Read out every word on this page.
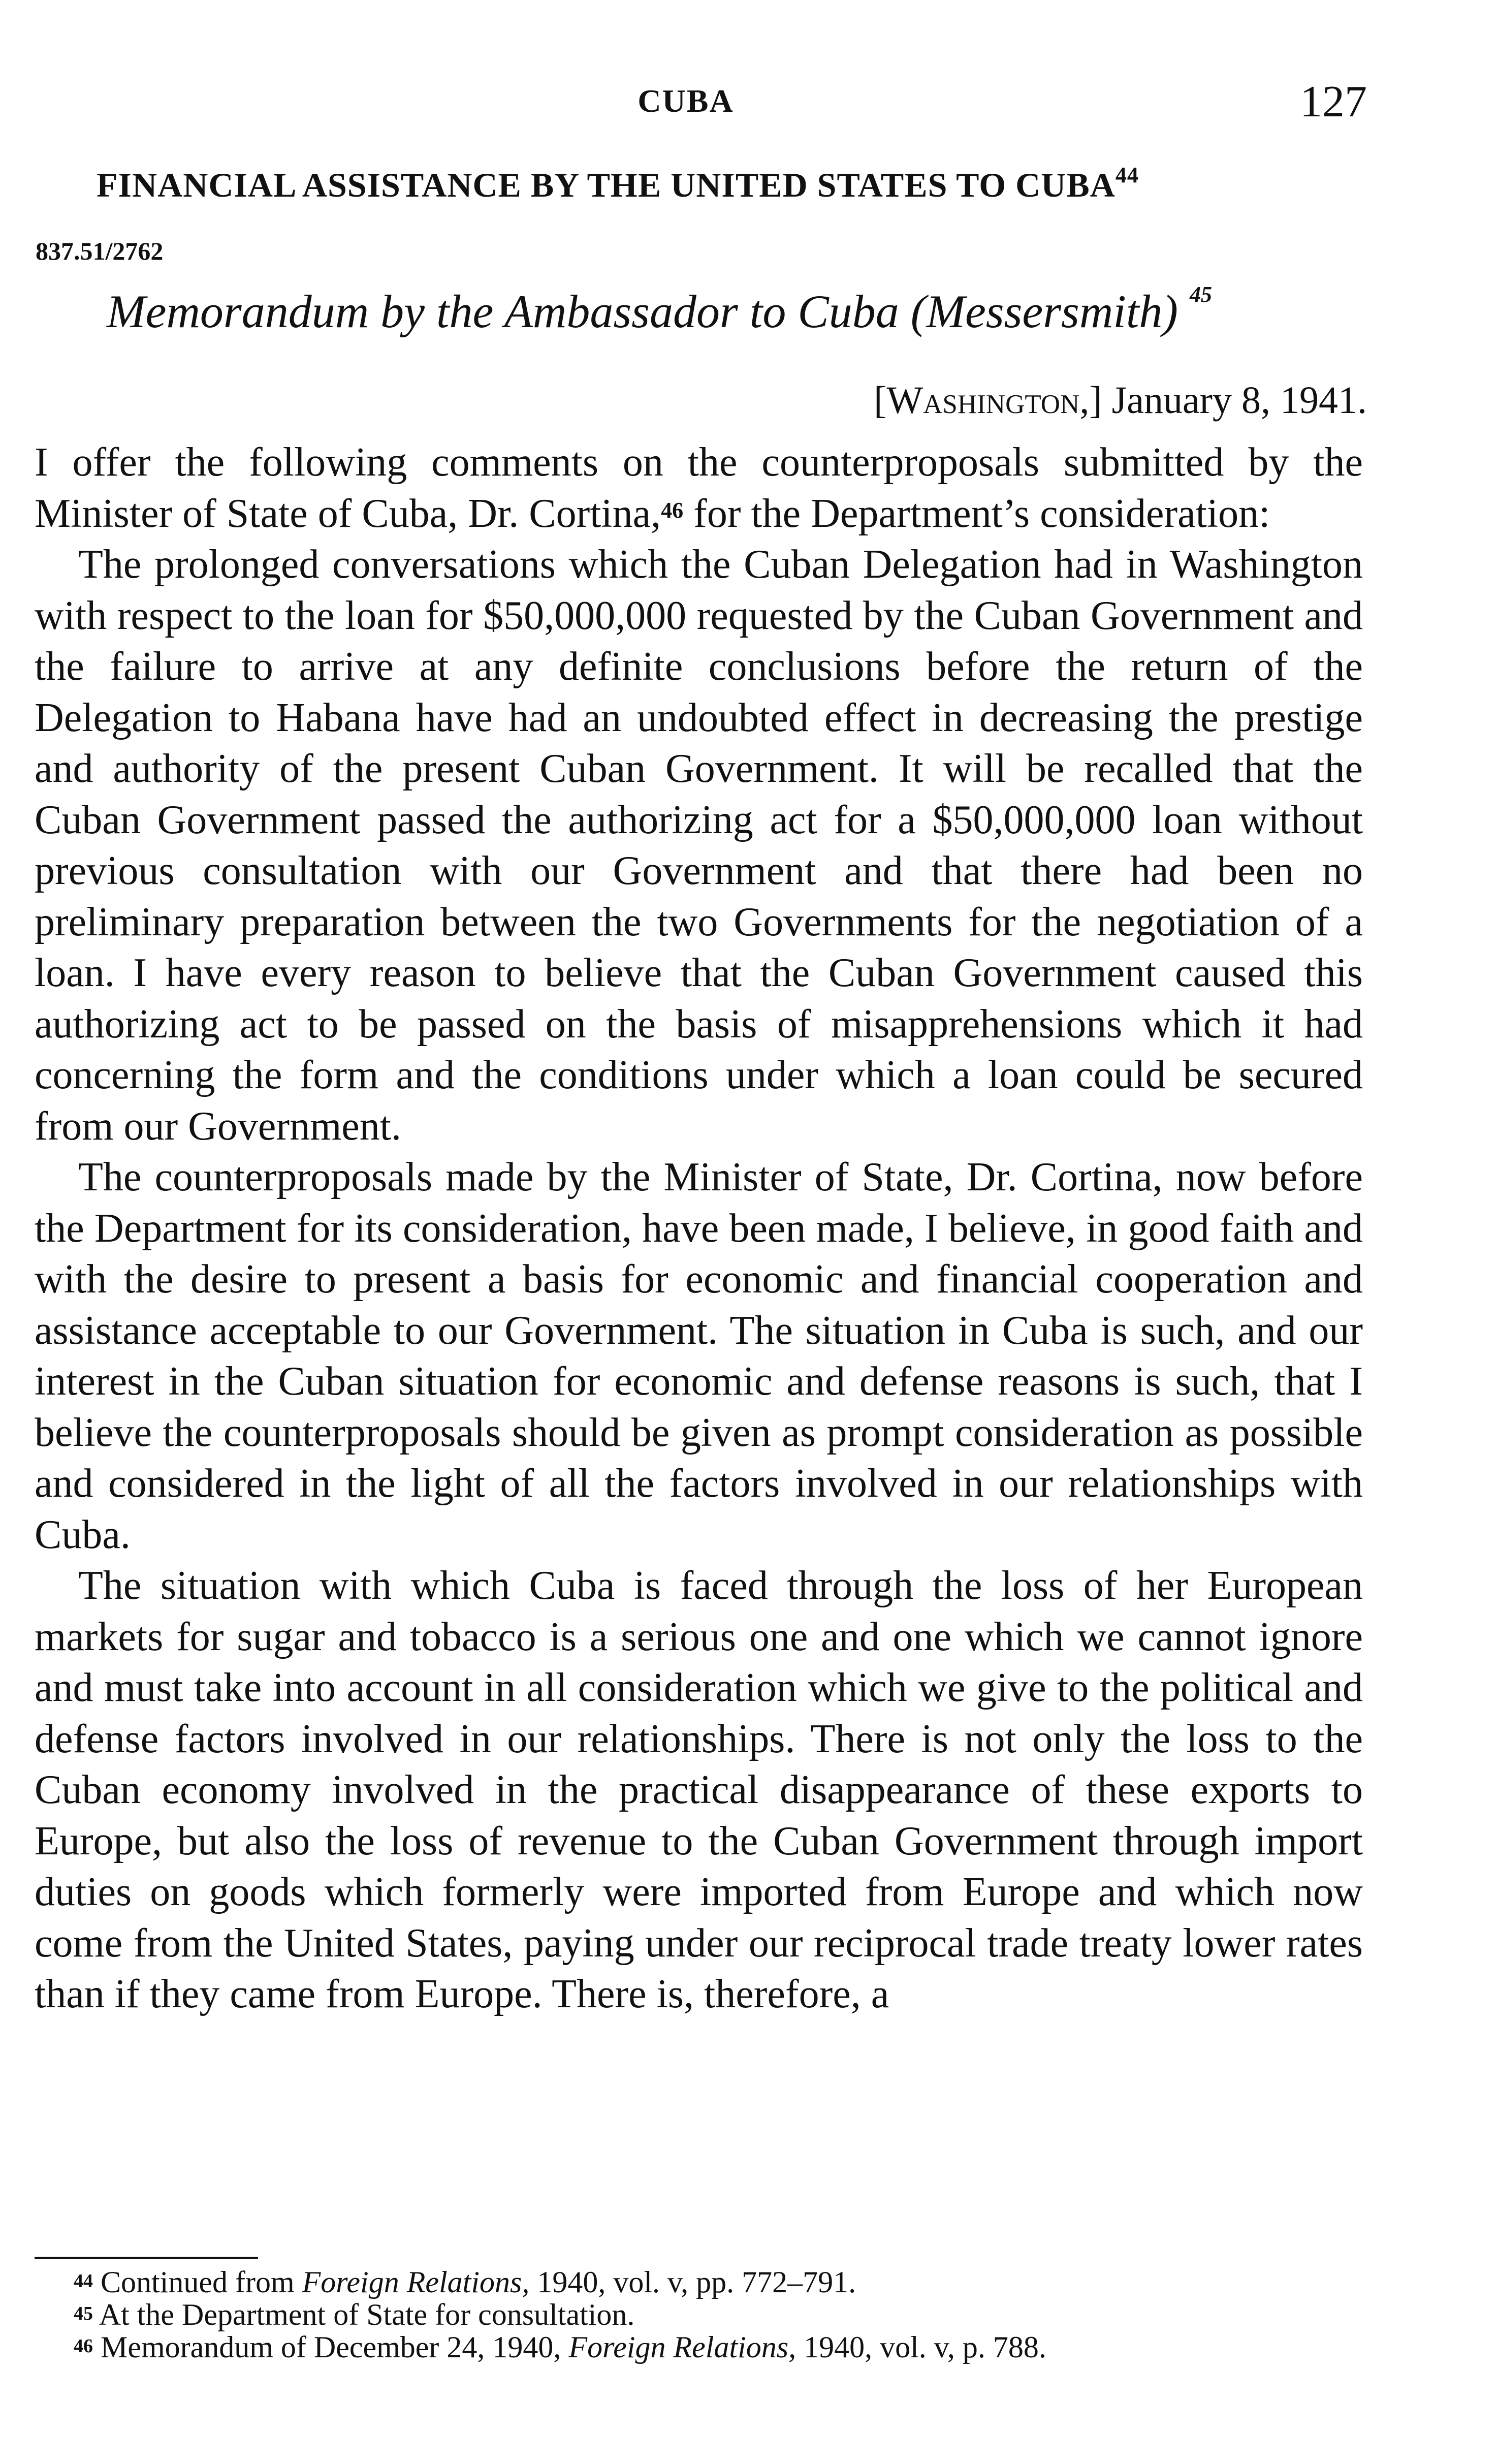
CUBA	127
FINANCIAL ASSISTANCE BY THE UNITED STATES TO CUBA$^{44}$
837.51/2762
Memorandum by the Ambassador to Cuba (Messersmith) $^{45}$
[Washington,] January 8, 1941.

I offer the following comments on the counterproposals submitted by the Minister of State of Cuba, Dr. Cortina,$^{46}$ for the Department’s consideration:

The prolonged conversations which the Cuban Delegation had in Washington with respect to the loan for $50,000,000 requested by the Cuban Government and the failure to arrive at any definite conclusions before the return of the Delegation to Habana have had an undoubted effect in decreasing the prestige and authority of the present Cuban Government. It will be recalled that the Cuban Government passed the authorizing act for a $50,000,000 loan without previous consultation with our Government and that there had been no preliminary preparation between the two Governments for the negotiation of a loan. I have every reason to believe that the Cuban Government caused this authorizing act to be passed on the basis of misapprehensions which it had concerning the form and the conditions under which a loan could be secured from our Government.

The counterproposals made by the Minister of State, Dr. Cortina, now before the Department for its consideration, have been made, I believe, in good faith and with the desire to present a basis for economic and financial cooperation and assistance acceptable to our Government. The situation in Cuba is such, and our interest in the Cuban situation for economic and defense reasons is such, that I believe the counterproposals should be given as prompt consideration as possible and considered in the light of all the factors involved in our relationships with Cuba.

The situation with which Cuba is faced through the loss of her European markets for sugar and tobacco is a serious one and one which we cannot ignore and must take into account in all consideration which we give to the political and defense factors involved in our relationships. There is not only the loss to the Cuban economy involved in the practical disappearance of these exports to Europe, but also the loss of revenue to the Cuban Government through import duties on goods which formerly were imported from Europe and which now come from the United States, paying under our reciprocal trade treaty lower rates than if they came from Europe. There is, therefore, a

$^{44}$ Continued from Foreign Relations, 1940, vol. v, pp. 772–791.
$^{45}$ At the Department of State for consultation.
$^{46}$ Memorandum of December 24, 1940, Foreign Relations, 1940, vol. v, p. 788.
